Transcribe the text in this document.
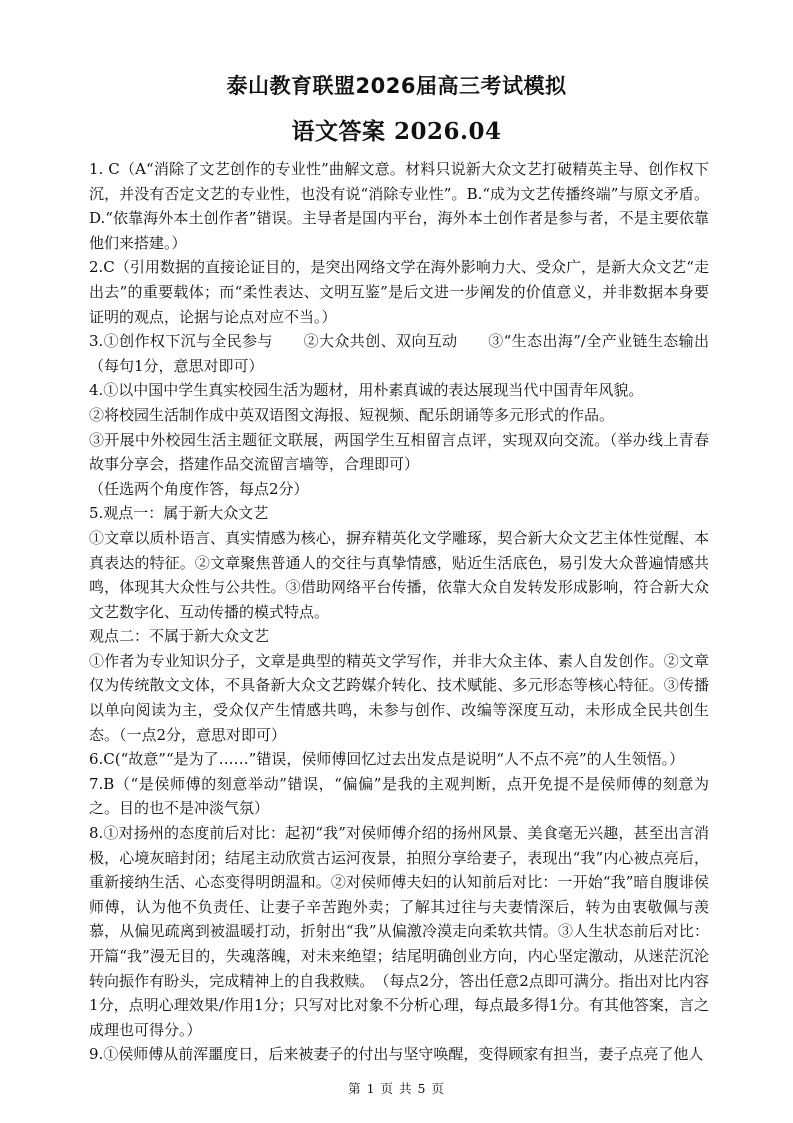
泰山教育联盟2026届高三考试模拟
语文答案 2026.04

1. C（A“消除了文艺创作的专业性”曲解文意。材料只说新大众文艺打破精英主导、创作权下沉，并没有否定文艺的专业性，也没有说“消除专业性”。B.“成为文艺传播终端”与原文矛盾。D.“依靠海外本土创作者”错误。主导者是国内平台，海外本土创作者是参与者，不是主要依靠他们来搭建。）

2.C（引用数据的直接论证目的，是突出网络文学在海外影响力大、受众广，是新大众文艺“走出去”的重要载体；而“柔性表达、文明互鉴”是后文进一步阐发的价值意义，并非数据本身要证明的观点，论据与论点对应不当。）

3.①创作权下沉与全民参与　　②大众共创、双向互动　　③“生态出海”/全产业链生态输出（每句1分，意思对即可）

4.①以中国中学生真实校园生活为题材，用朴素真诚的表达展现当代中国青年风貌。

②将校园生活制作成中英双语图文海报、短视频、配乐朗诵等多元形式的作品。

③开展中外校园生活主题征文联展，两国学生互相留言点评，实现双向交流。（举办线上青春故事分享会，搭建作品交流留言墙等，合理即可）

（任选两个角度作答，每点2分）

5.观点一：属于新大众文艺

①文章以质朴语言、真实情感为核心，摒弃精英化文学雕琢，契合新大众文艺主体性觉醒、本真表达的特征。②文章聚焦普通人的交往与真挚情感，贴近生活底色，易引发大众普遍情感共鸣，体现其大众性与公共性。③借助网络平台传播，依靠大众自发转发形成影响，符合新大众文艺数字化、互动传播的模式特点。

观点二：不属于新大众文艺

①作者为专业知识分子，文章是典型的精英文学写作，并非大众主体、素人自发创作。②文章仅为传统散文文体，不具备新大众文艺跨媒介转化、技术赋能、多元形态等核心特征。③传播以单向阅读为主，受众仅产生情感共鸣，未参与创作、改编等深度互动，未形成全民共创生态。（一点2分，意思对即可）

6.C(“故意”“是为了……”错误，侯师傅回忆过去出发点是说明“人不点不亮”的人生领悟。）

7.B（“是侯师傅的刻意举动”错误，“偏偏”是我的主观判断，点开免提不是侯师傅的刻意为之。目的也不是冲淡气氛）

8.①对扬州的态度前后对比：起初“我”对侯师傅介绍的扬州风景、美食毫无兴趣，甚至出言消极，心境灰暗封闭；结尾主动欣赏古运河夜景，拍照分享给妻子，表现出“我”内心被点亮后，重新接纳生活、心态变得明朗温和。②对侯师傅夫妇的认知前后对比：一开始“我”暗自腹诽侯师傅，认为他不负责任、让妻子辛苦跑外卖；了解其过往与夫妻情深后，转为由衷敬佩与羡慕，从偏见疏离到被温暖打动，折射出“我”从偏激冷漠走向柔软共情。③人生状态前后对比：开篇“我”漫无目的，失魂落魄，对未来绝望；结尾明确创业方向，内心坚定激动，从迷茫沉沦转向振作有盼头，完成精神上的自我救赎。　（每点2分，答出任意2点即可满分。指出对比内容1分，点明心理效果/作用1分；只写对比对象不分析心理，每点最多得1分。有其他答案，言之成理也可得分。）

9.①侯师傅从前浑噩度日，后来被妻子的付出与坚守唤醒，变得顾家有担当，妻子点亮了他人

第 1 页 共 5 页
